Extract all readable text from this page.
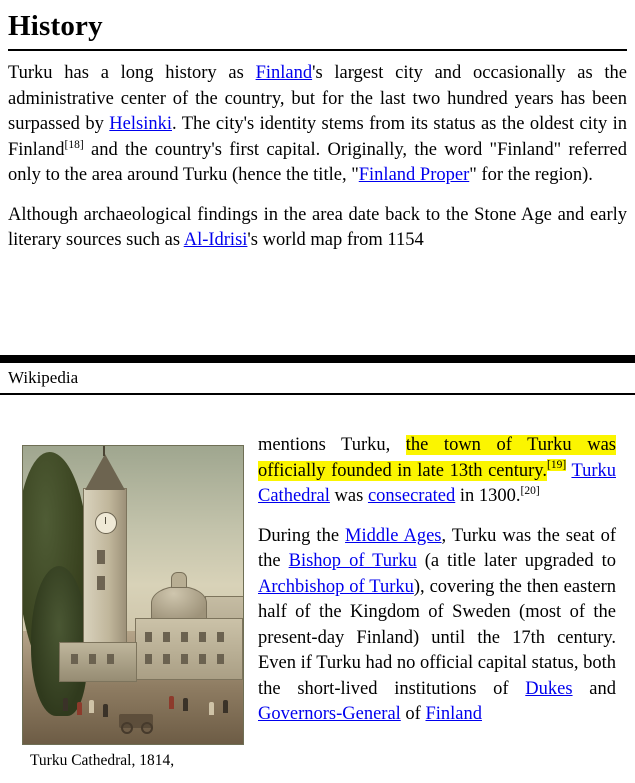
History

Turku has a long history as Finland's largest city and occasionally as the administrative center of the country, but for the last two hundred years has been surpassed by Helsinki. The city's identity stems from its status as the oldest city in Finland[18] and the country's first capital. Originally, the word "Finland" referred only to the area around Turku (hence the title, "Finland Proper" for the region).

Although archaeological findings in the area date back to the Stone Age and early literary sources such as Al-Idrisi's world map from 1154

Wikipedia
Turku Cathedral, 1814,

mentions Turku, the town of Turku was officially founded in late 13th century.[19] Turku Cathedral was consecrated in 1300.[20]

During the Middle Ages, Turku was the seat of the Bishop of Turku (a title later upgraded to Archbishop of Turku), covering the then eastern half of the Kingdom of Sweden (most of the present-day Finland) until the 17th century. Even if Turku had no official capital status, both the short-lived institutions of Dukes and Governors-General of Finland
